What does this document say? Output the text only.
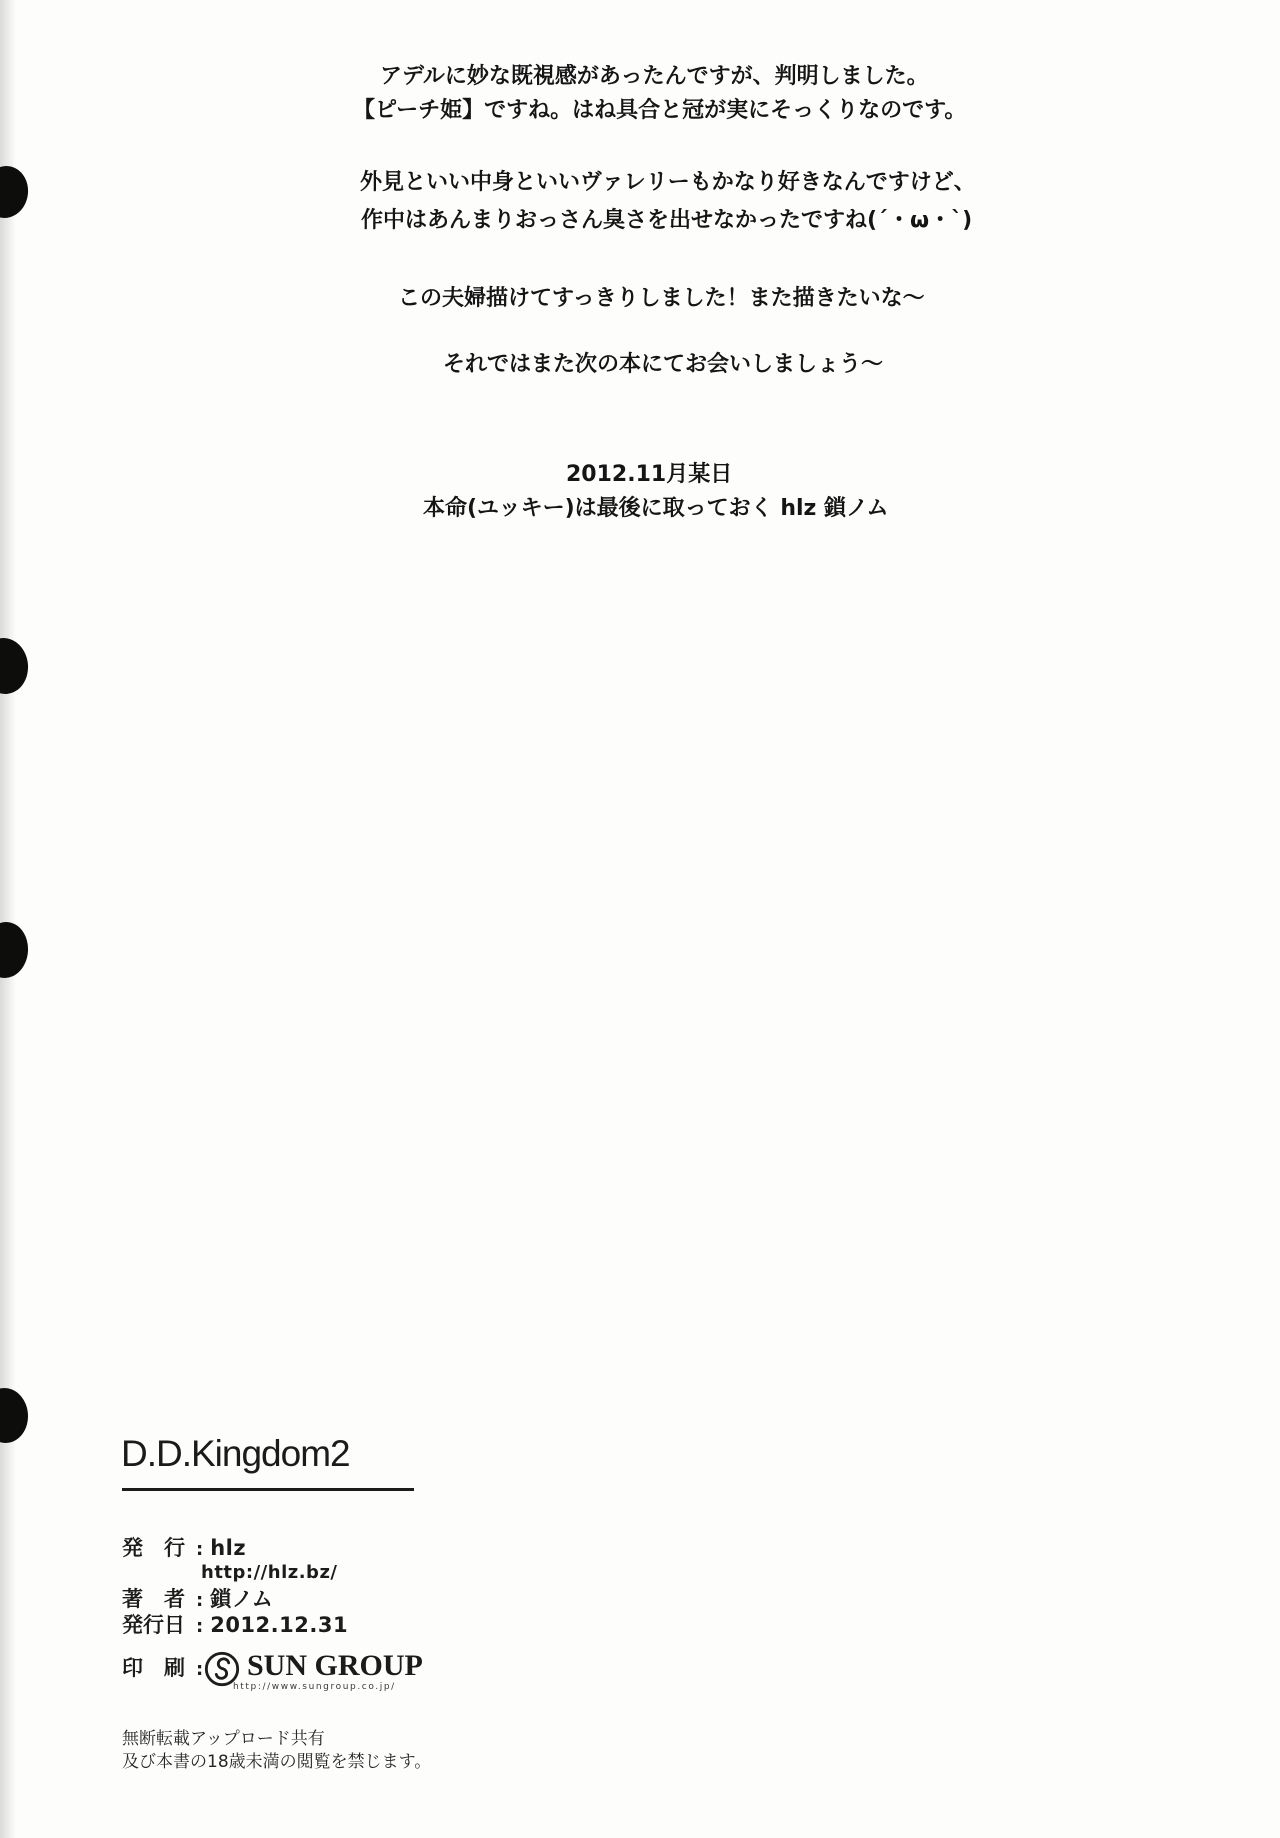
アデルに妙な既視感があったんですが、判明しました。

【ピーチ姫】ですね。はね具合と冠が実にそっくりなのです。

外見といい中身といいヴァレリーもかなり好きなんですけど、

作中はあんまりおっさん臭さを出せなかったですね(´・ω・`)

この夫婦描けてすっきりしました！また描きたいな～

それではまた次の本にてお会いしましょう～

2012.11月某日

本命(ユッキー)は最後に取っておく hlz 鎖ノム

D.D.Kingdom2
発　行 : hlz
http://hlz.bz/
著　者 : 鎖ノム
発行日 : 2012.12.31
印　刷 : SUN GROUP
http://www.sungroup.co.jp/

無断転載アップロード共有

及び本書の18歳未満の閲覧を禁じます。
